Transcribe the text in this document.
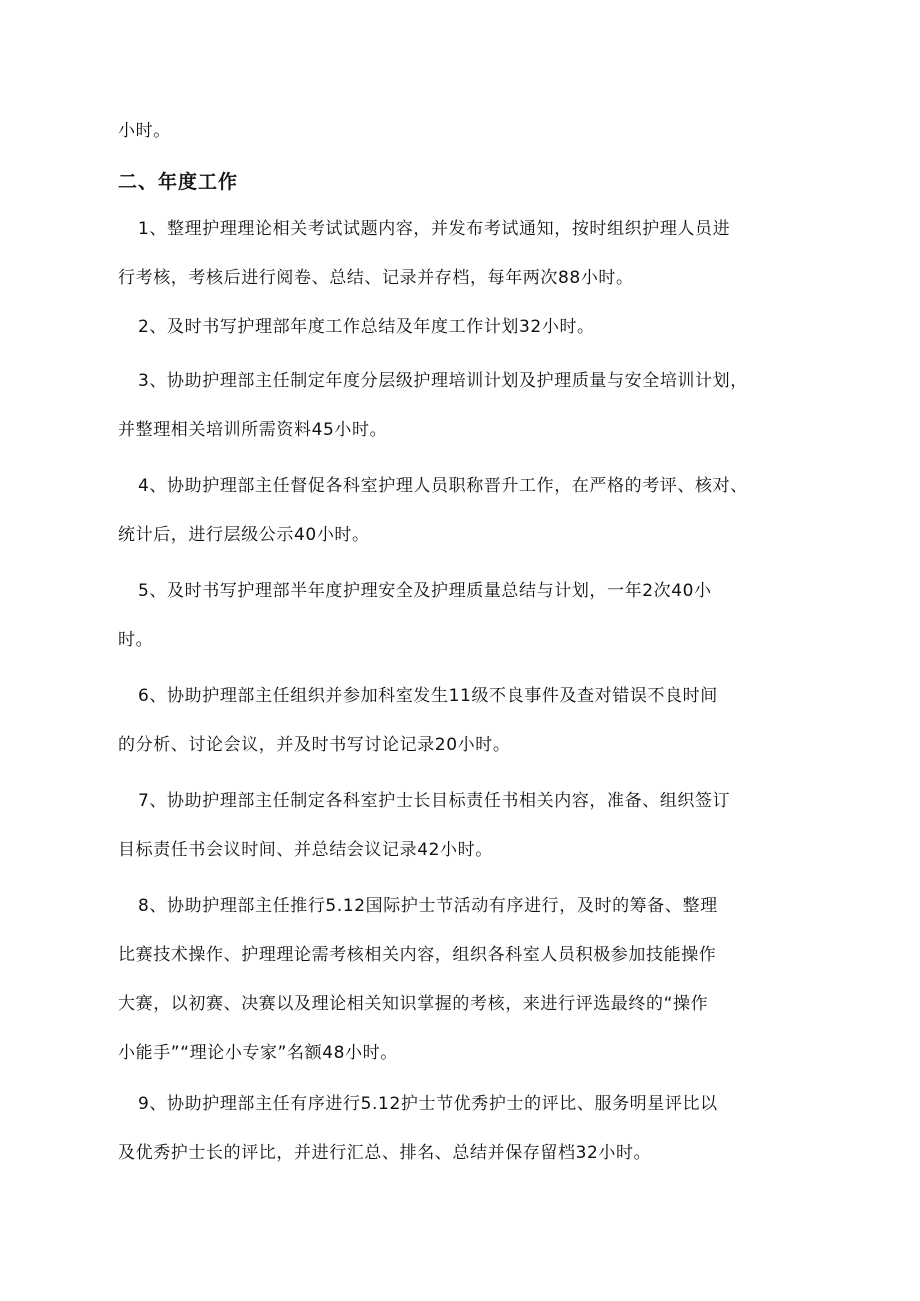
小时。
二、年度工作
1、整理护理理论相关考试试题内容，并发布考试通知，按时组织护理人员进
行考核，考核后进行阅卷、总结、记录并存档，每年两次88小时。
2、及时书写护理部年度工作总结及年度工作计划32小时。
3、协助护理部主任制定年度分层级护理培训计划及护理质量与安全培训计划，
并整理相关培训所需资料45小时。
4、协助护理部主任督促各科室护理人员职称晋升工作，在严格的考评、核对、
统计后，进行层级公示40小时。
5、及时书写护理部半年度护理安全及护理质量总结与计划，一年2次40小
时。
6、协助护理部主任组织并参加科室发生11级不良事件及查对错误不良时间
的分析、讨论会议，并及时书写讨论记录20小时。
7、协助护理部主任制定各科室护士长目标责任书相关内容，准备、组织签订
目标责任书会议时间、并总结会议记录42小时。
8、协助护理部主任推行5.12国际护士节活动有序进行，及时的筹备、整理
比赛技术操作、护理理论需考核相关内容，组织各科室人员积极参加技能操作
大赛，以初赛、决赛以及理论相关知识掌握的考核，来进行评选最终的“操作
小能手”“理论小专家”名额48小时。
9、协助护理部主任有序进行5.12护士节优秀护士的评比、服务明星评比以
及优秀护士长的评比，并进行汇总、排名、总结并保存留档32小时。
